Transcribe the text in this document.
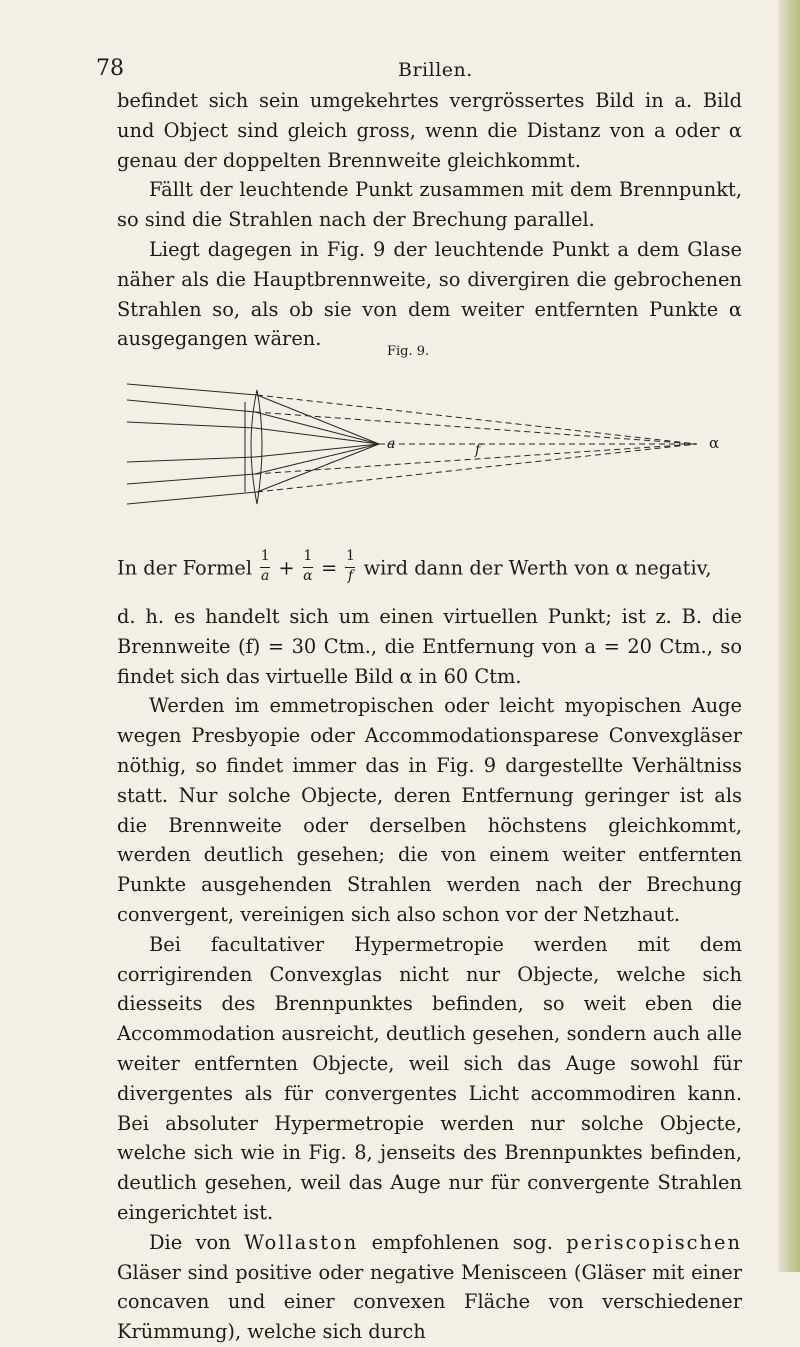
78	Brillen.

befindet sich sein umgekehrtes vergrössertes Bild in a. Bild und Object sind gleich gross, wenn die Distanz von a oder α genau der doppelten Brennweite gleichkommt.

Fällt der leuchtende Punkt zusammen mit dem Brennpunkt, so sind die Strahlen nach der Brechung parallel.

Liegt dagegen in Fig. 9 der leuchtende Punkt a dem Glase näher als die Hauptbrennweite, so divergiren die gebrochenen Strahlen so, als ob sie von dem weiter entfernten Punkte α ausgegangen wären.

Fig. 9.
a	f	α
In der Formel $\frac{1}{a} + \frac{1}{\alpha} = \frac{1}{f}$ wird dann der Werth von α negativ,

d. h. es handelt sich um einen virtuellen Punkt; ist z. B. die Brennweite (f) = 30 Ctm., die Entfernung von a = 20 Ctm., so findet sich das virtuelle Bild α in 60 Ctm.

Werden im emmetropischen oder leicht myopischen Auge wegen Presbyopie oder Accommodationsparese Convexgläser nöthig, so findet immer das in Fig. 9 dargestellte Verhältniss statt. Nur solche Objecte, deren Entfernung geringer ist als die Brennweite oder derselben höchstens gleichkommt, werden deutlich gesehen; die von einem weiter entfernten Punkte ausgehenden Strahlen werden nach der Brechung convergent, vereinigen sich also schon vor der Netzhaut.

Bei facultativer Hypermetropie werden mit dem corrigirenden Convexglas nicht nur Objecte, welche sich diesseits des Brennpunktes befinden, so weit eben die Accommodation ausreicht, deutlich gesehen, sondern auch alle weiter entfernten Objecte, weil sich das Auge sowohl für divergentes als für convergentes Licht accommodiren kann. Bei absoluter Hypermetropie werden nur solche Objecte, welche sich wie in Fig. 8, jenseits des Brennpunktes befinden, deutlich gesehen, weil das Auge nur für convergente Strahlen eingerichtet ist.

Die von Wollaston empfohlenen sog. periscopischen Gläser sind positive oder negative Menisceen (Gläser mit einer concaven und einer convexen Fläche von verschiedener Krümmung), welche sich durch
